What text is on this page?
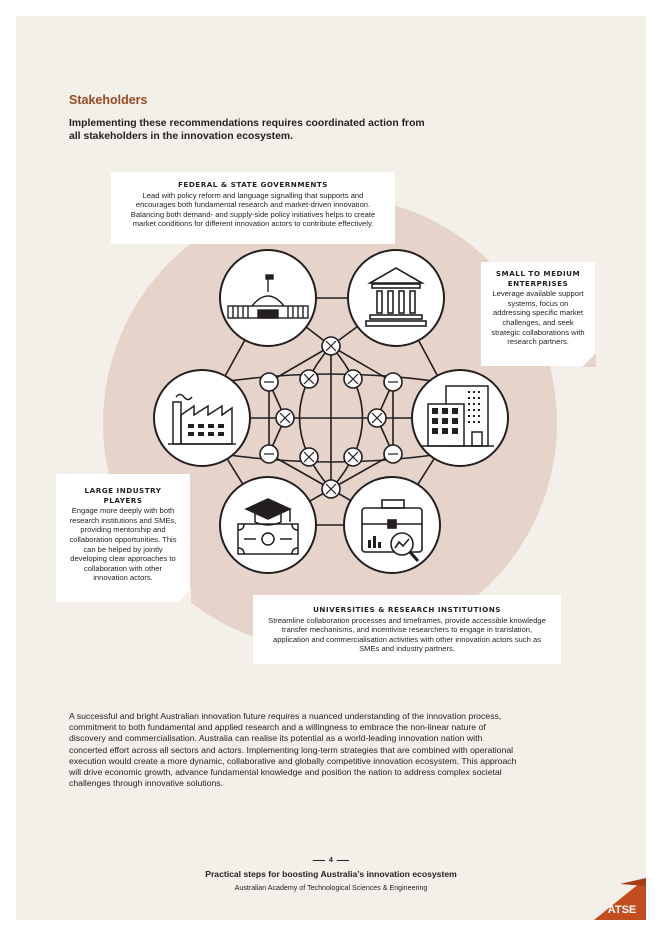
Stakeholders
Implementing these recommendations requires coordinated action from all stakeholders in the innovation ecosystem.
FEDERAL & STATE GOVERNMENTS
Lead with policy reform and language signalling that supports and encourages both fundamental research and market-driven innovation. Balancing both demand- and supply-side policy initiatives helps to create market conditions for different innovation actors to contribute effectively.
SMALL TO MEDIUM ENTERPRISES
Leverage available support systems, focus on addressing specific market challenges, and seek strategic collaborations with research partners.
LARGE INDUSTRY PLAYERS
Engage more deeply with both research institutions and SMEs, providing mentorship and collaboration opportunities. This can be helped by jointly developing clear approaches to collaboration with other innovation actors.
UNIVERSITIES & RESEARCH INSTITUTIONS
Streamline collaboration processes and timeframes, provide accessible knowledge transfer mechanisms, and incentivise researchers to engage in translation, application and commercialisation activities with other innovation actors such as SMEs and industry partners.
A successful and bright Australian innovation future requires a nuanced understanding of the innovation process, commitment to both fundamental and applied research and a willingness to embrace the non-linear nature of discovery and commercialisation. Australia can realise its potential as a world-leading innovation nation with concerted effort across all sectors and actors. Implementing long-term strategies that are combined with operational execution would create a more dynamic, collaborative and globally competitive innovation ecosystem. This approach will drive economic growth, advance fundamental knowledge and position the nation to address complex societal challenges through innovative solutions.
4
Practical steps for boosting Australia’s innovation ecosystem
Australian Academy of Technological Sciences & Engineering
ATSE
